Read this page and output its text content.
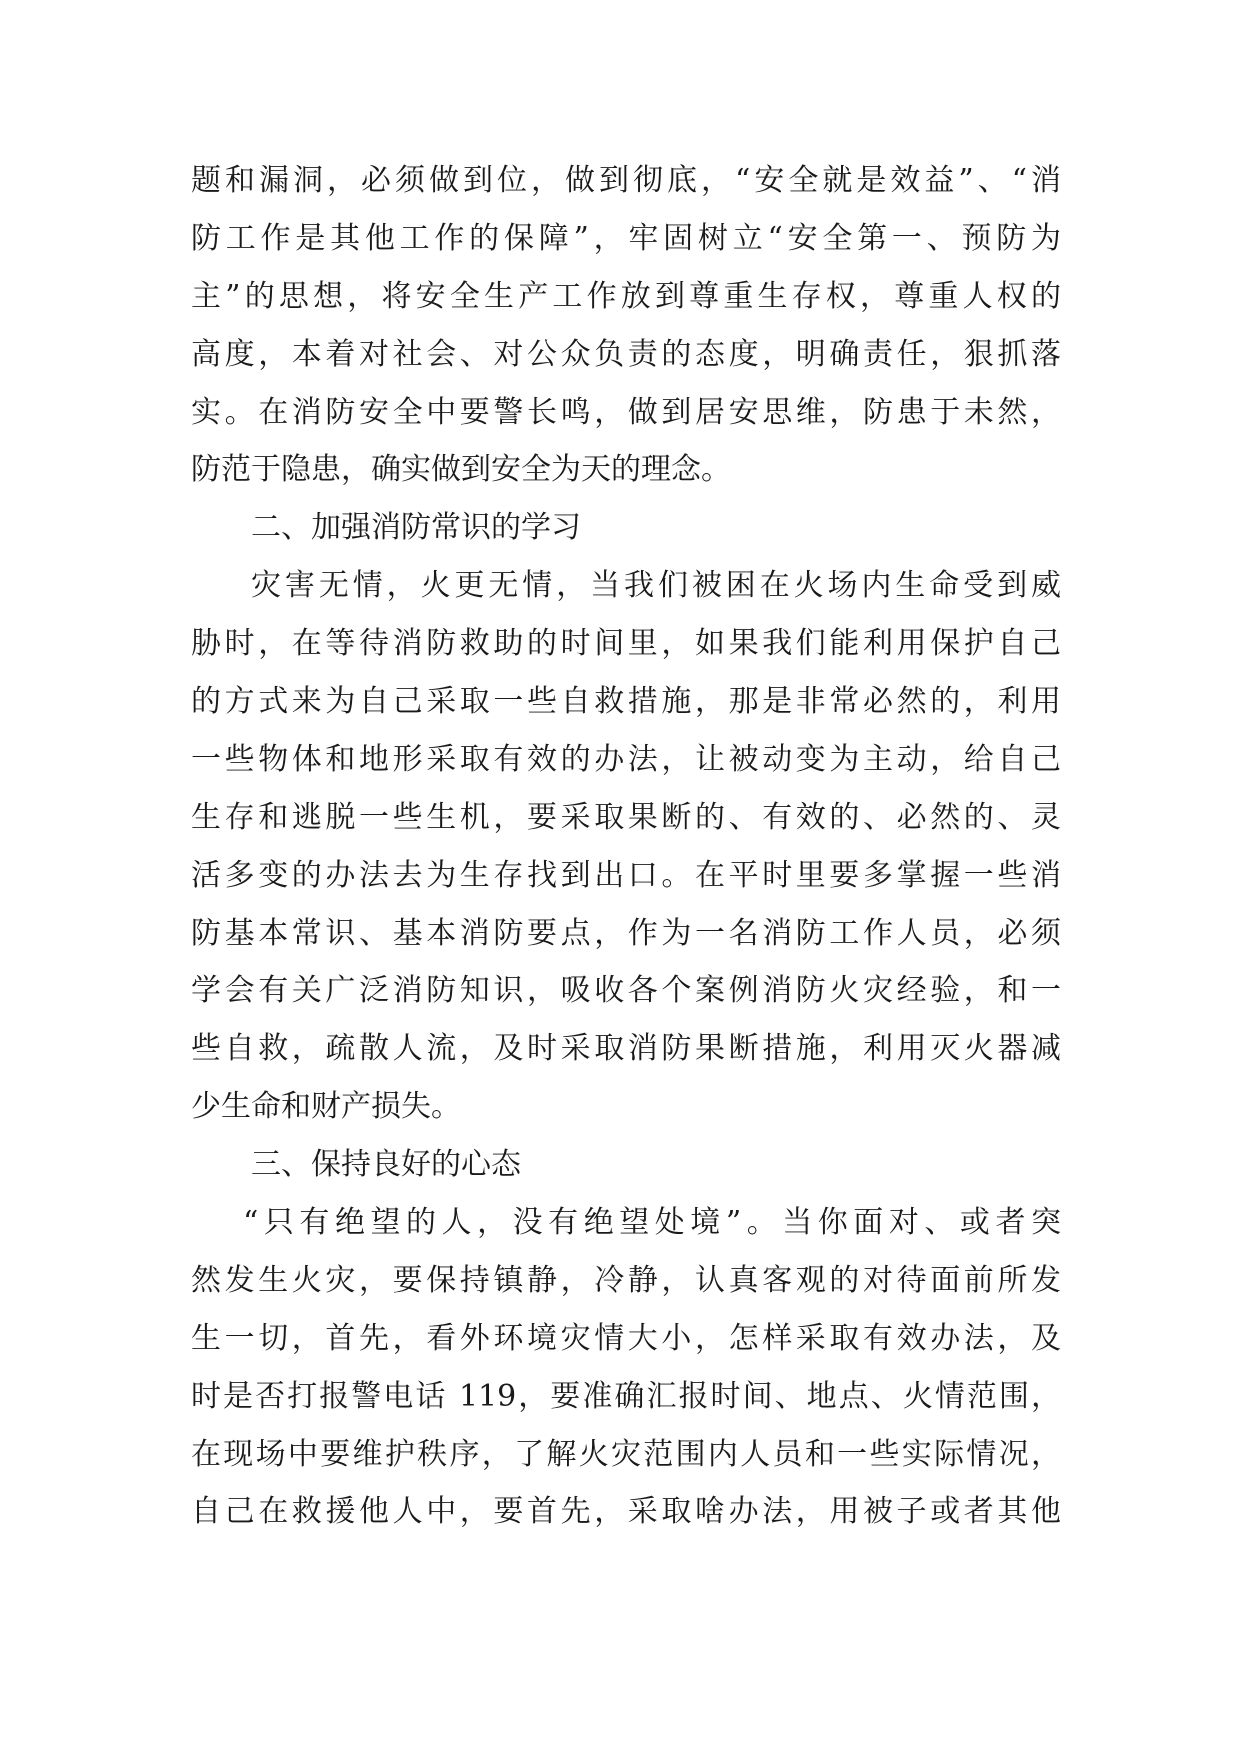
题和漏洞，必须做到位，做到彻底，“安全就是效益”、“消
防工作是其他工作的保障”，牢固树立“安全第一、预防为
主”的思想，将安全生产工作放到尊重生存权，尊重人权的
高度，本着对社会、对公众负责的态度，明确责任，狠抓落
实。在消防安全中要警长鸣，做到居安思维，防患于未然，
防范于隐患，确实做到安全为天的理念。
二、加强消防常识的学习
灾害无情，火更无情，当我们被困在火场内生命受到威
胁时，在等待消防救助的时间里，如果我们能利用保护自己
的方式来为自己采取一些自救措施，那是非常必然的，利用
一些物体和地形采取有效的办法，让被动变为主动，给自己
生存和逃脱一些生机，要采取果断的、有效的、必然的、灵
活多变的办法去为生存找到出口。在平时里要多掌握一些消
防基本常识、基本消防要点，作为一名消防工作人员，必须
学会有关广泛消防知识，吸收各个案例消防火灾经验，和一
些自救，疏散人流，及时采取消防果断措施，利用灭火器减
少生命和财产损失。
三、保持良好的心态
“只有绝望的人，没有绝望处境”。当你面对、或者突
然发生火灾，要保持镇静，冷静，认真客观的对待面前所发
生一切，首先，看外环境灾情大小，怎样采取有效办法，及
时是否打报警电话 119，要准确汇报时间、地点、火情范围，
在现场中要维护秩序，了解火灾范围内人员和一些实际情况，
自己在救援他人中，要首先，采取啥办法，用被子或者其他
